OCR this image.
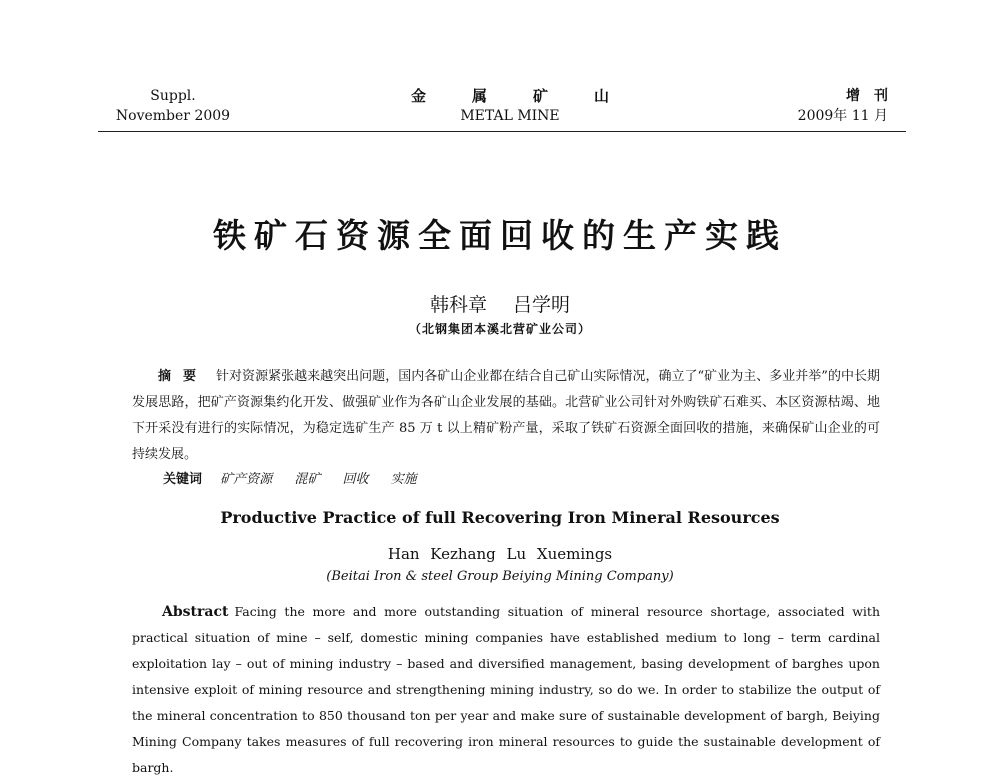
Suppl.
November 2009
金属矿山
METAL MINE
增刊
2009年 11 月
铁矿石资源全面回收的生产实践
韩科章 吕学明
（北钢集团本溪北营矿业公司）

摘要 针对资源紧张越来越突出问题，国内各矿山企业都在结合自己矿山实际情况，确立了“矿业为主、多业并举”的中长期发展思路，把矿产资源集约化开发、做强矿业作为各矿山企业发展的基础。北营矿业公司针对外购铁矿石难买、本区资源枯竭、地下开采没有进行的实际情况，为稳定选矿生产 85 万 t 以上精矿粉产量，采取了铁矿石资源全面回收的措施，来确保矿山企业的可持续发展。

关键词 矿产资源 混矿 回收 实施
Productive Practice of full Recovering Iron Mineral Resources
Han Kezhang Lu Xuemings
(Beitai Iron & steel Group Beiying Mining Company)

Abstract Facing the more and more outstanding situation of mineral resource shortage, associated with practical situation of mine – self, domestic mining companies have established medium to long – term cardinal exploitation lay – out of mining industry – based and diversified management, basing development of barghes upon intensive exploit of mining resource and strengthening mining industry, so do we. In order to stabilize the output of the mineral concentration to 850 thousand ton per year and make sure of sustainable development of bargh, Beiying Mining Company takes measures of full recovering iron mineral resources to guide the sustainable development of bargh.
